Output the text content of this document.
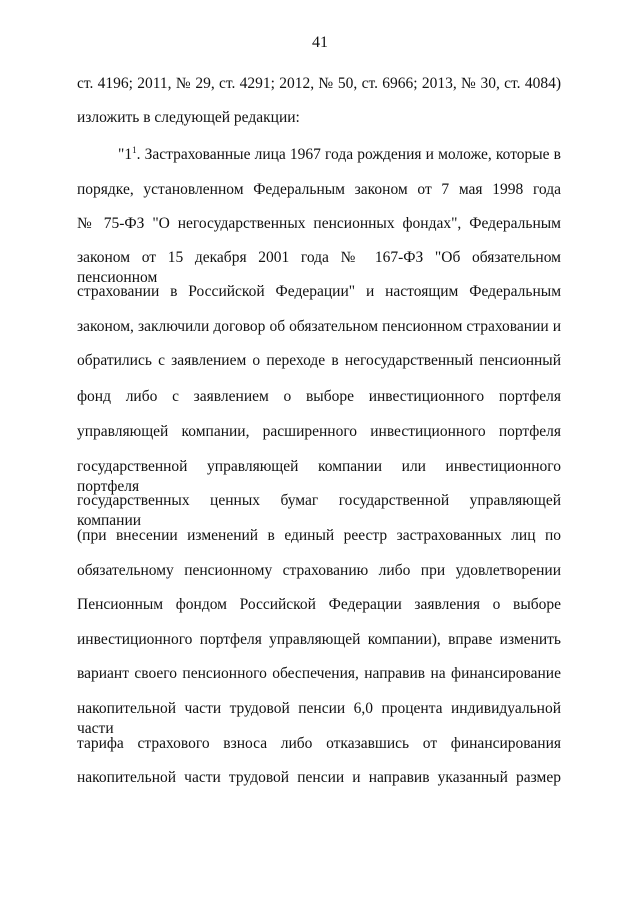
41
ст. 4196; 2011, № 29, ст. 4291; 2012, № 50, ст. 6966; 2013, № 30, ст. 4084)
изложить в следующей редакции:
"$1^1$. Застрахованные лица 1967 года рождения и моложе, которые в
порядке, установленном Федеральным законом от 7 мая 1998 года
№ 75-ФЗ "О негосударственных пенсионных фондах", Федеральным
законом от 15 декабря 2001 года № 167-ФЗ "Об обязательном пенсионном
страховании в Российской Федерации" и настоящим Федеральным
законом, заключили договор об обязательном пенсионном страховании и
обратились с заявлением о переходе в негосударственный пенсионный
фонд либо с заявлением о выборе инвестиционного портфеля
управляющей компании, расширенного инвестиционного портфеля
государственной управляющей компании или инвестиционного портфеля
государственных ценных бумаг государственной управляющей компании
(при внесении изменений в единый реестр застрахованных лиц по
обязательному пенсионному страхованию либо при удовлетворении
Пенсионным фондом Российской Федерации заявления о выборе
инвестиционного портфеля управляющей компании), вправе изменить
вариант своего пенсионного обеспечения, направив на финансирование
накопительной части трудовой пенсии 6,0 процента индивидуальной части
тарифа страхового взноса либо отказавшись от финансирования
накопительной части трудовой пенсии и направив указанный размер
